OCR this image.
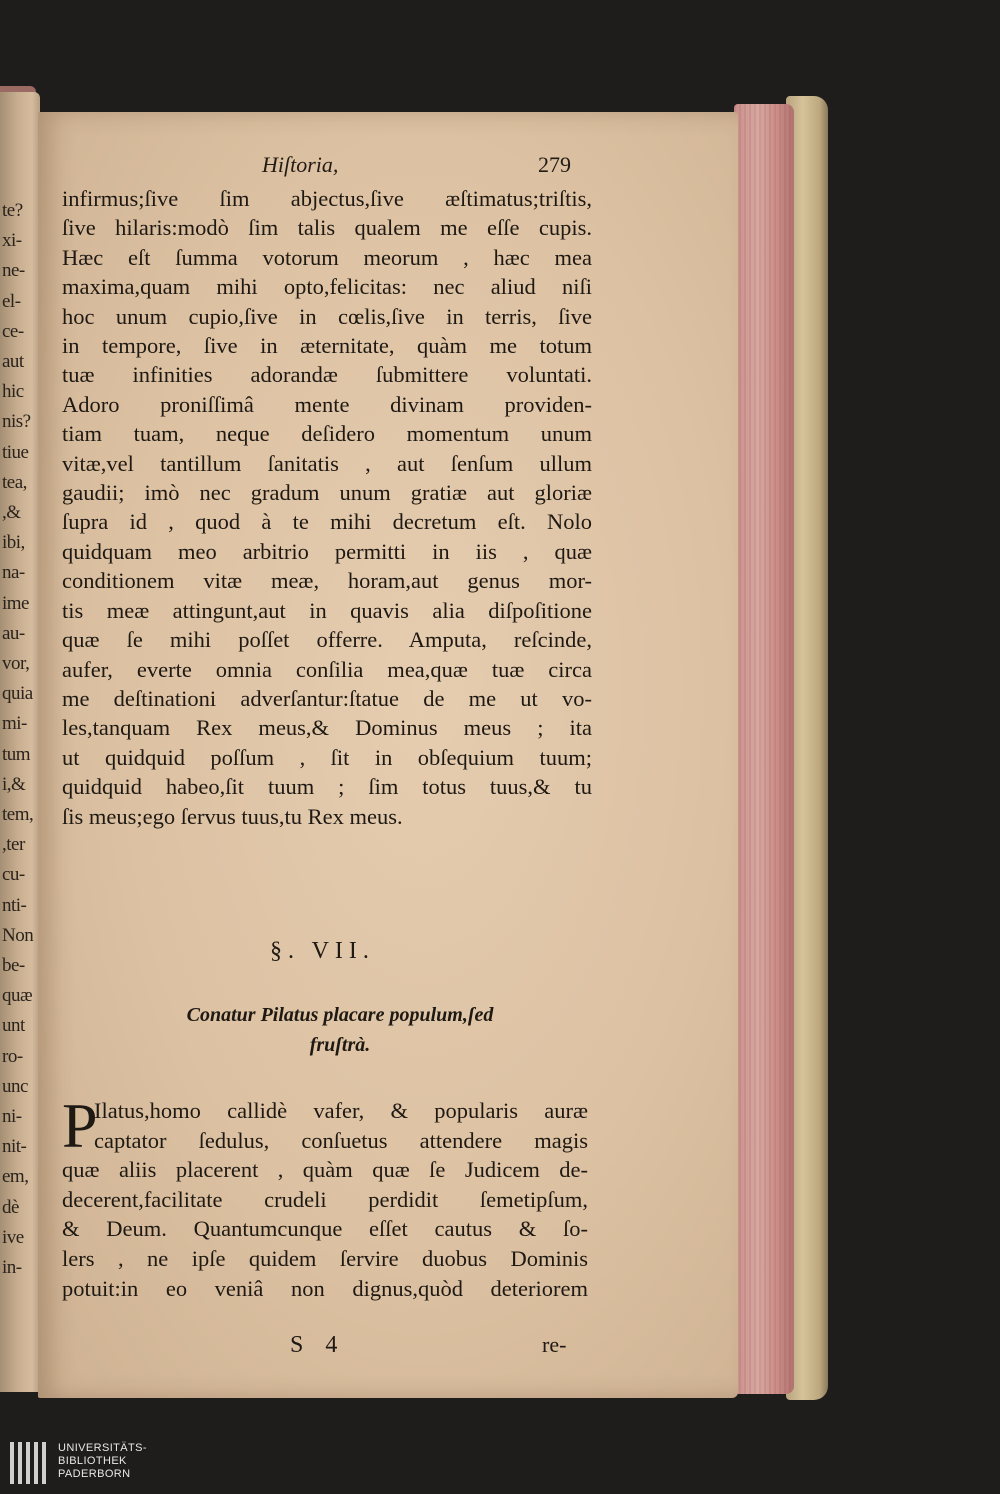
te?
xi-
ne-
el-
ce-
aut
hic
nis?
tiue
tea,
,&
ibi,
na-
ime
au-
vor,
quia
mi-
tum
i,&
tem,
,ter
cu-
nti-
Non
be-
quæ
unt
ro-
unc
ni-
nit-
em,
dè
ive
in-
Hiſtoria,	279
infirmus;ſive ſim abjectus,ſive æſtimatus;triſtis,
ſive hilaris:modò ſim talis qualem me eſſe cupis.
Hæc eſt ſumma votorum meorum , hæc mea
maxima,quam mihi opto,felicitas: nec aliud niſi
hoc unum cupio,ſive in cœlis,ſive in terris, ſive
in tempore, ſive in æternitate, quàm me totum
tuæ infinities adorandæ ſubmittere voluntati.
Adoro proniſſimâ mente divinam providen-
tiam tuam, neque deſidero momentum unum
vitæ,vel tantillum ſanitatis , aut ſenſum ullum
gaudii; imò nec gradum unum gratiæ aut gloriæ
ſupra id , quod à te mihi decretum eſt. Nolo
quidquam meo arbitrio permitti in iis , quæ
conditionem vitæ meæ, horam,aut genus mor-
tis meæ attingunt,aut in quavis alia diſpoſitione
quæ ſe mihi poſſet offerre. Amputa, reſcinde,
aufer, everte omnia conſilia mea,quæ tuæ circa
me deſtinationi adverſantur:ſtatue de me ut vo-
les,tanquam Rex meus,& Dominus meus ; ita
ut quidquid poſſum , ſit in obſequium tuum;
quidquid habeo,ſit tuum ; ſim totus tuus,& tu
ſis meus;ego ſervus tuus,tu Rex meus.
§. VII.
Conatur Pilatus placare populum,ſed
fruſtrà.
P
Ilatus,homo callidè vafer, & popularis auræ
captator ſedulus, conſuetus attendere magis
quæ aliis placerent , quàm quæ ſe Judicem de-
decerent,facilitate crudeli perdidit ſemetipſum,
& Deum. Quantumcunque eſſet cautus & ſo-
lers , ne ipſe quidem ſervire duobus Dominis
potuit:in eo veniâ non dignus,quòd deteriorem
S 4	re-
UNIVERSITÄTS-
BIBLIOTHEK
PADERBORN
